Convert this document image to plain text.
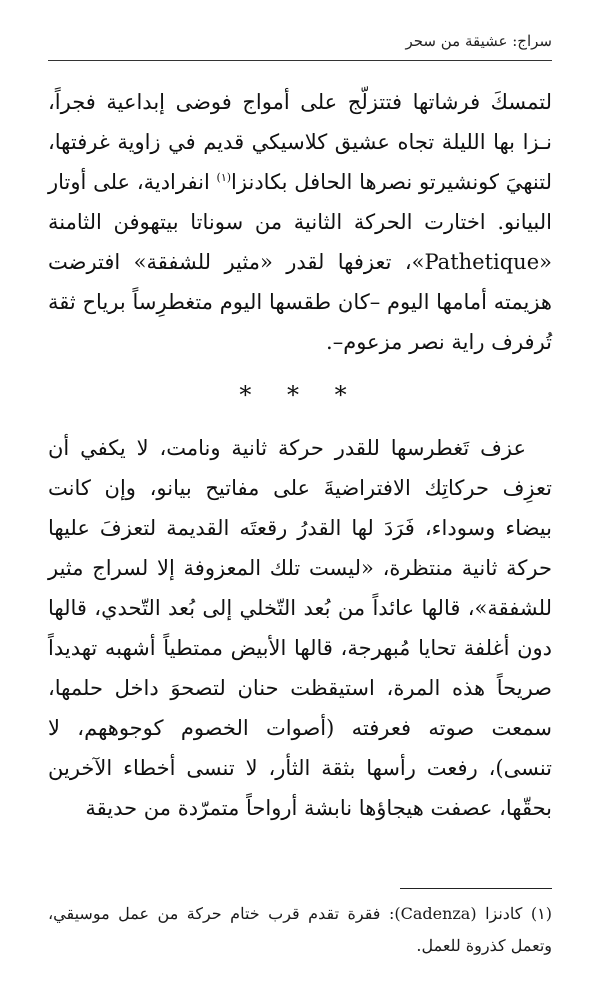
سراج: عشيقة من سحر

لتمسكَ فرشاتها فتتزلّج على أمواج فوضى إبداعية فجراً، نـزا بها الليلة تجاه عشيق كلاسيكي قديم في زاوية غرفتها، لتنهيَ كونشيرتو نصرها الحافل بكادنزا$^{(١)}$ انفرادية، على أوتار البيانو. اختارت الحركة الثانية من سوناتا بيتهوفن الثامنة «Pathetique»، تعزفها لقدر «مثير للشفقة» افترضت هزيمته أمامها اليوم –كان طقسها اليوم متغطرِساً برياح ثقة تُرفرف راية نصر مزعوم–.

* * *

عزف تَغطرسها للقدر حركة ثانية ونامت، لا يكفي أن تعزِف حركاتِك الافتراضيةَ على مفاتيح بيانو، وإن كانت بيضاء وسوداء، فَرَدَ لها القدرُ رقعتَه القديمة لتعزفَ عليها حركة ثانية منتظرة، «ليست تلك المعزوفة إلا لسراج مثير للشفقة»، قالها عائداً من بُعد التّخلي إلى بُعد التّحدي، قالها دون أغلفة تحايا مُبهرجة، قالها الأبيض ممتطياً أشهبه تهديداً صريحاً هذه المرة، استيقظت حنان لتصحوَ داخل حلمها، سمعت صوته فعرفته (أصوات الخصوم كوجوههم، لا تنسى)، رفعت رأسها بثقة الثأر، لا تنسى أخطاء الآخرين بحقّها، عصفت هيجاؤها نابشة أرواحاً متمرّدة من حديقة

(١) كادنزا (Cadenza): فقرة تقدم قرب ختام حركة من عمل موسيقي، وتعمل كذروة للعمل.
